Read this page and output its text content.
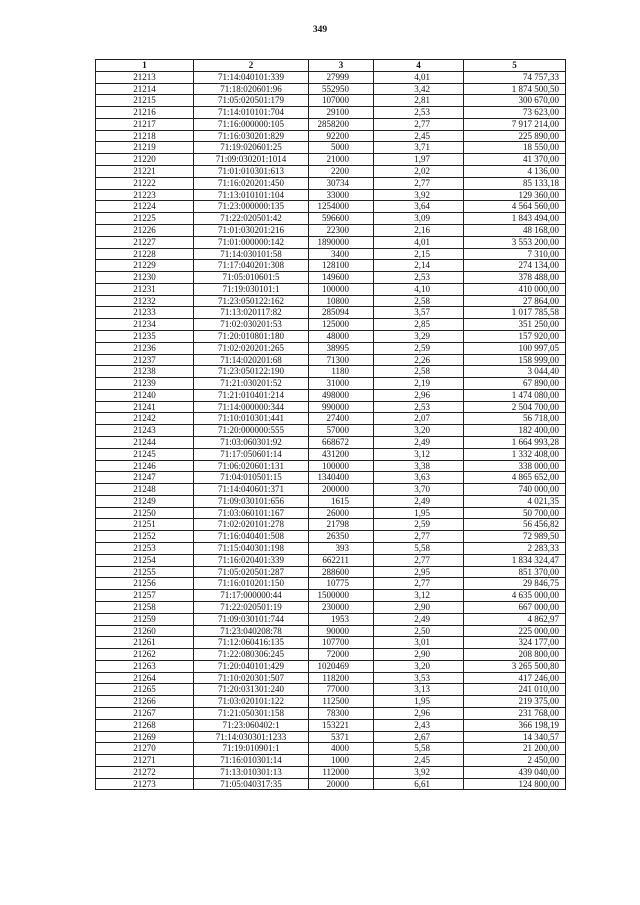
349
1	2	3	4	5
21213	71:14:040101:339	27999	4,01	74 757,33
21214	71:18:020601:96	552950	3,42	1 874 500,50
21215	71:05:020501:179	107000	2,81	300 670,00
21216	71:14:010101:704	29100	2,53	73 623,00
21217	71:16:000000:105	2858200	2,77	7 917 214,00
21218	71:16:030201:829	92200	2,45	225 890,00
21219	71:19:020601:25	5000	3,71	18 550,00
21220	71:09:030201:1014	21000	1,97	41 370,00
21221	71:01:010301:613	2200	2,02	4 136,00
21222	71:16:020201:450	30734	2,77	85 133,18
21223	71:13:010101:104	33000	3,92	129 360,00
21224	71:23:000000:135	1254000	3,64	4 564 560,00
21225	71:22:020501:42	596600	3,09	1 843 494,00
21226	71:01:030201:216	22300	2,16	48 168,00
21227	71:01:000000:142	1890000	4,01	3 553 200,00
21228	71:14:030101:58	3400	2,15	7 310,00
21229	71:17:040201:308	128100	2,14	274 134,00
21230	71:05:010601:5	149600	2,53	378 488,00
21231	71:19:030101:1	100000	4,10	410 000,00
21232	71:23:050122:162	10800	2,58	27 864,00
21233	71:13:020117:82	285094	3,57	1 017 785,58
21234	71:02:030201:53	125000	2,85	351 250,00
21235	71:20:010801:180	48000	3,29	157 920,00
21236	71:02:020201:265	38995	2,59	100 997,05
21237	71:14:020201:68	71300	2,26	158 999,00
21238	71:23:050122:190	1180	2,58	3 044,40
21239	71:21:030201:52	31000	2,19	67 890,00
21240	71:21:010401:214	498000	2,96	1 474 080,00
21241	71:14:000000:344	990000	2,53	2 504 700,00
21242	71:10:010301:441	27400	2,07	56 718,00
21243	71:20:000000:555	57000	3,20	182 400,00
21244	71:03:060301:92	668672	2,49	1 664 993,28
21245	71:17:050601:14	431200	3,12	1 332 408,00
21246	71:06:020601:131	100000	3,38	338 000,00
21247	71:04:010501:15	1340400	3,63	4 865 652,00
21248	71:14:040601:371	200000	3,70	740 000,00
21249	71:09:030101:656	1615	2,49	4 021,35
21250	71:03:060101:167	26000	1,95	50 700,00
21251	71:02:020101:278	21798	2,59	56 456,82
21252	71:16:040401:508	26350	2,77	72 989,50
21253	71:15:040301:198	393	5,58	2 283,33
21254	71:16:020401:339	662211	2,77	1 834 324,47
21255	71:05:020501:287	288600	2,95	851 370,00
21256	71:16:010201:150	10775	2,77	29 846,75
21257	71:17:000000:44	1500000	3,12	4 635 000,00
21258	71:22:020501:19	230000	2,90	667 000,00
21259	71:09:030101:744	1953	2,49	4 862,97
21260	71:23:040208:78	90000	2,50	225 000,00
21261	71:12:060416:135	107700	3,01	324 177,00
21262	71:22:080306:245	72000	2,90	208 800,00
21263	71:20:040101:429	1020469	3,20	3 265 500,80
21264	71:10:020301:507	118200	3,53	417 246,00
21265	71:20:031301:240	77000	3,13	241 010,00
21266	71:03:020101:122	112500	1,95	219 375,00
21267	71:21:050301:158	78300	2,96	231 768,00
21268	71:23:060402:1	153221	2,43	366 198,19
21269	71:14:030301:1233	5371	2,67	14 340,57
21270	71:19:010901:1	4000	5,58	21 200,00
21271	71:16:010301:14	1000	2,45	2 450,00
21272	71:13:010301:13	112000	3,92	439 040,00
21273	71:05:040317:35	20000	6,61	124 800,00
